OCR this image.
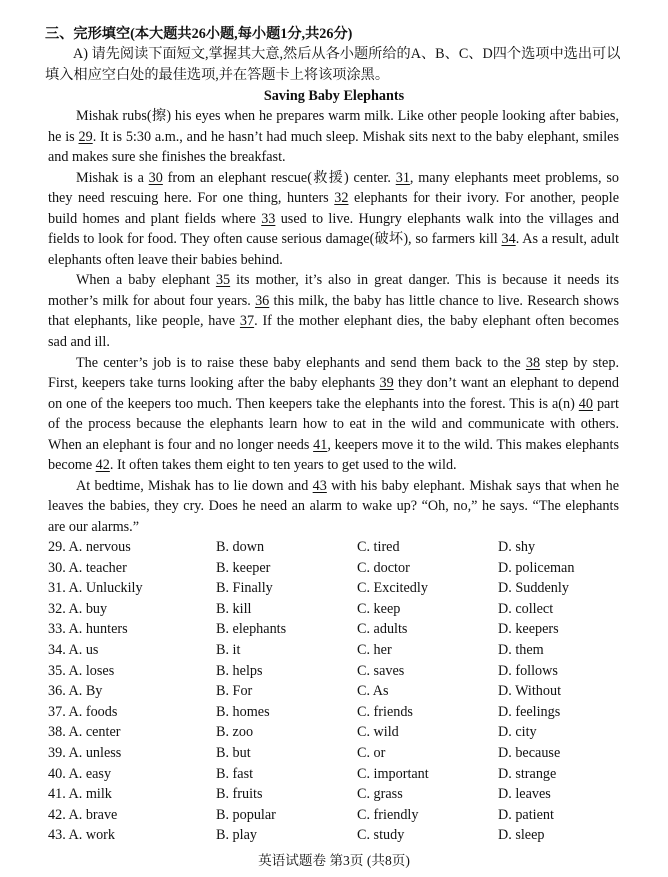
三、完形填空(本大题共26小题,每小题1分,共26分)
A) 请先阅读下面短文,掌握其大意,然后从各小题所给的A、B、C、D四个选项中选出可以
填入相应空白处的最佳选项,并在答题卡上将该项涂黑。
Saving Baby Elephants

Mishak rubs(擦) his eyes when he prepares warm milk. Like other people looking after babies, he is 29. It is 5:30 a.m., and he hasn’t had much sleep. Mishak sits next to the baby elephant, smiles and makes sure she finishes the breakfast.

Mishak is a 30 from an elephant rescue(救援) center. 31, many elephants meet problems, so they need rescuing here. For one thing, hunters 32 elephants for their ivory. For another, people build homes and plant fields where 33 used to live. Hungry elephants walk into the villages and fields to look for food. They often cause serious damage(破坏), so farmers kill 34. As a result, adult elephants often leave their babies behind.

When a baby elephant 35 its mother, it’s also in great danger. This is because it needs its mother’s milk for about four years. 36 this milk, the baby has little chance to live. Research shows that elephants, like people, have 37. If the mother elephant dies, the baby elephant often becomes sad and ill.

The center’s job is to raise these baby elephants and send them back to the 38 step by step. First, keepers take turns looking after the baby elephants 39 they don’t want an elephant to depend on one of the keepers too much. Then keepers take the elephants into the forest. This is a(n) 40 part of the process because the elephants learn how to eat in the wild and communicate with others. When an elephant is four and no longer needs 41, keepers move it to the wild. This makes elephants become 42. It often takes them eight to ten years to get used to the wild.

At bedtime, Mishak has to lie down and 43 with his baby elephant. Mishak says that when he leaves the babies, they cry. Does he need an alarm to wake up? “Oh, no,” he says. “The elephants are our alarms.”

29. A. nervous	B. down	C. tired	D. shy
30. A. teacher	B. keeper	C. doctor	D. policeman
31. A. Unluckily	B. Finally	C. Excitedly	D. Suddenly
32. A. buy	B. kill	C. keep	D. collect
33. A. hunters	B. elephants	C. adults	D. keepers
34. A. us	B. it	C. her	D. them
35. A. loses	B. helps	C. saves	D. follows
36. A. By	B. For	C. As	D. Without
37. A. foods	B. homes	C. friends	D. feelings
38. A. center	B. zoo	C. wild	D. city
39. A. unless	B. but	C. or	D. because
40. A. easy	B. fast	C. important	D. strange
41. A. milk	B. fruits	C. grass	D. leaves
42. A. brave	B. popular	C. friendly	D. patient
43. A. work	B. play	C. study	D. sleep
英语试题卷 第3页 (共8页)
